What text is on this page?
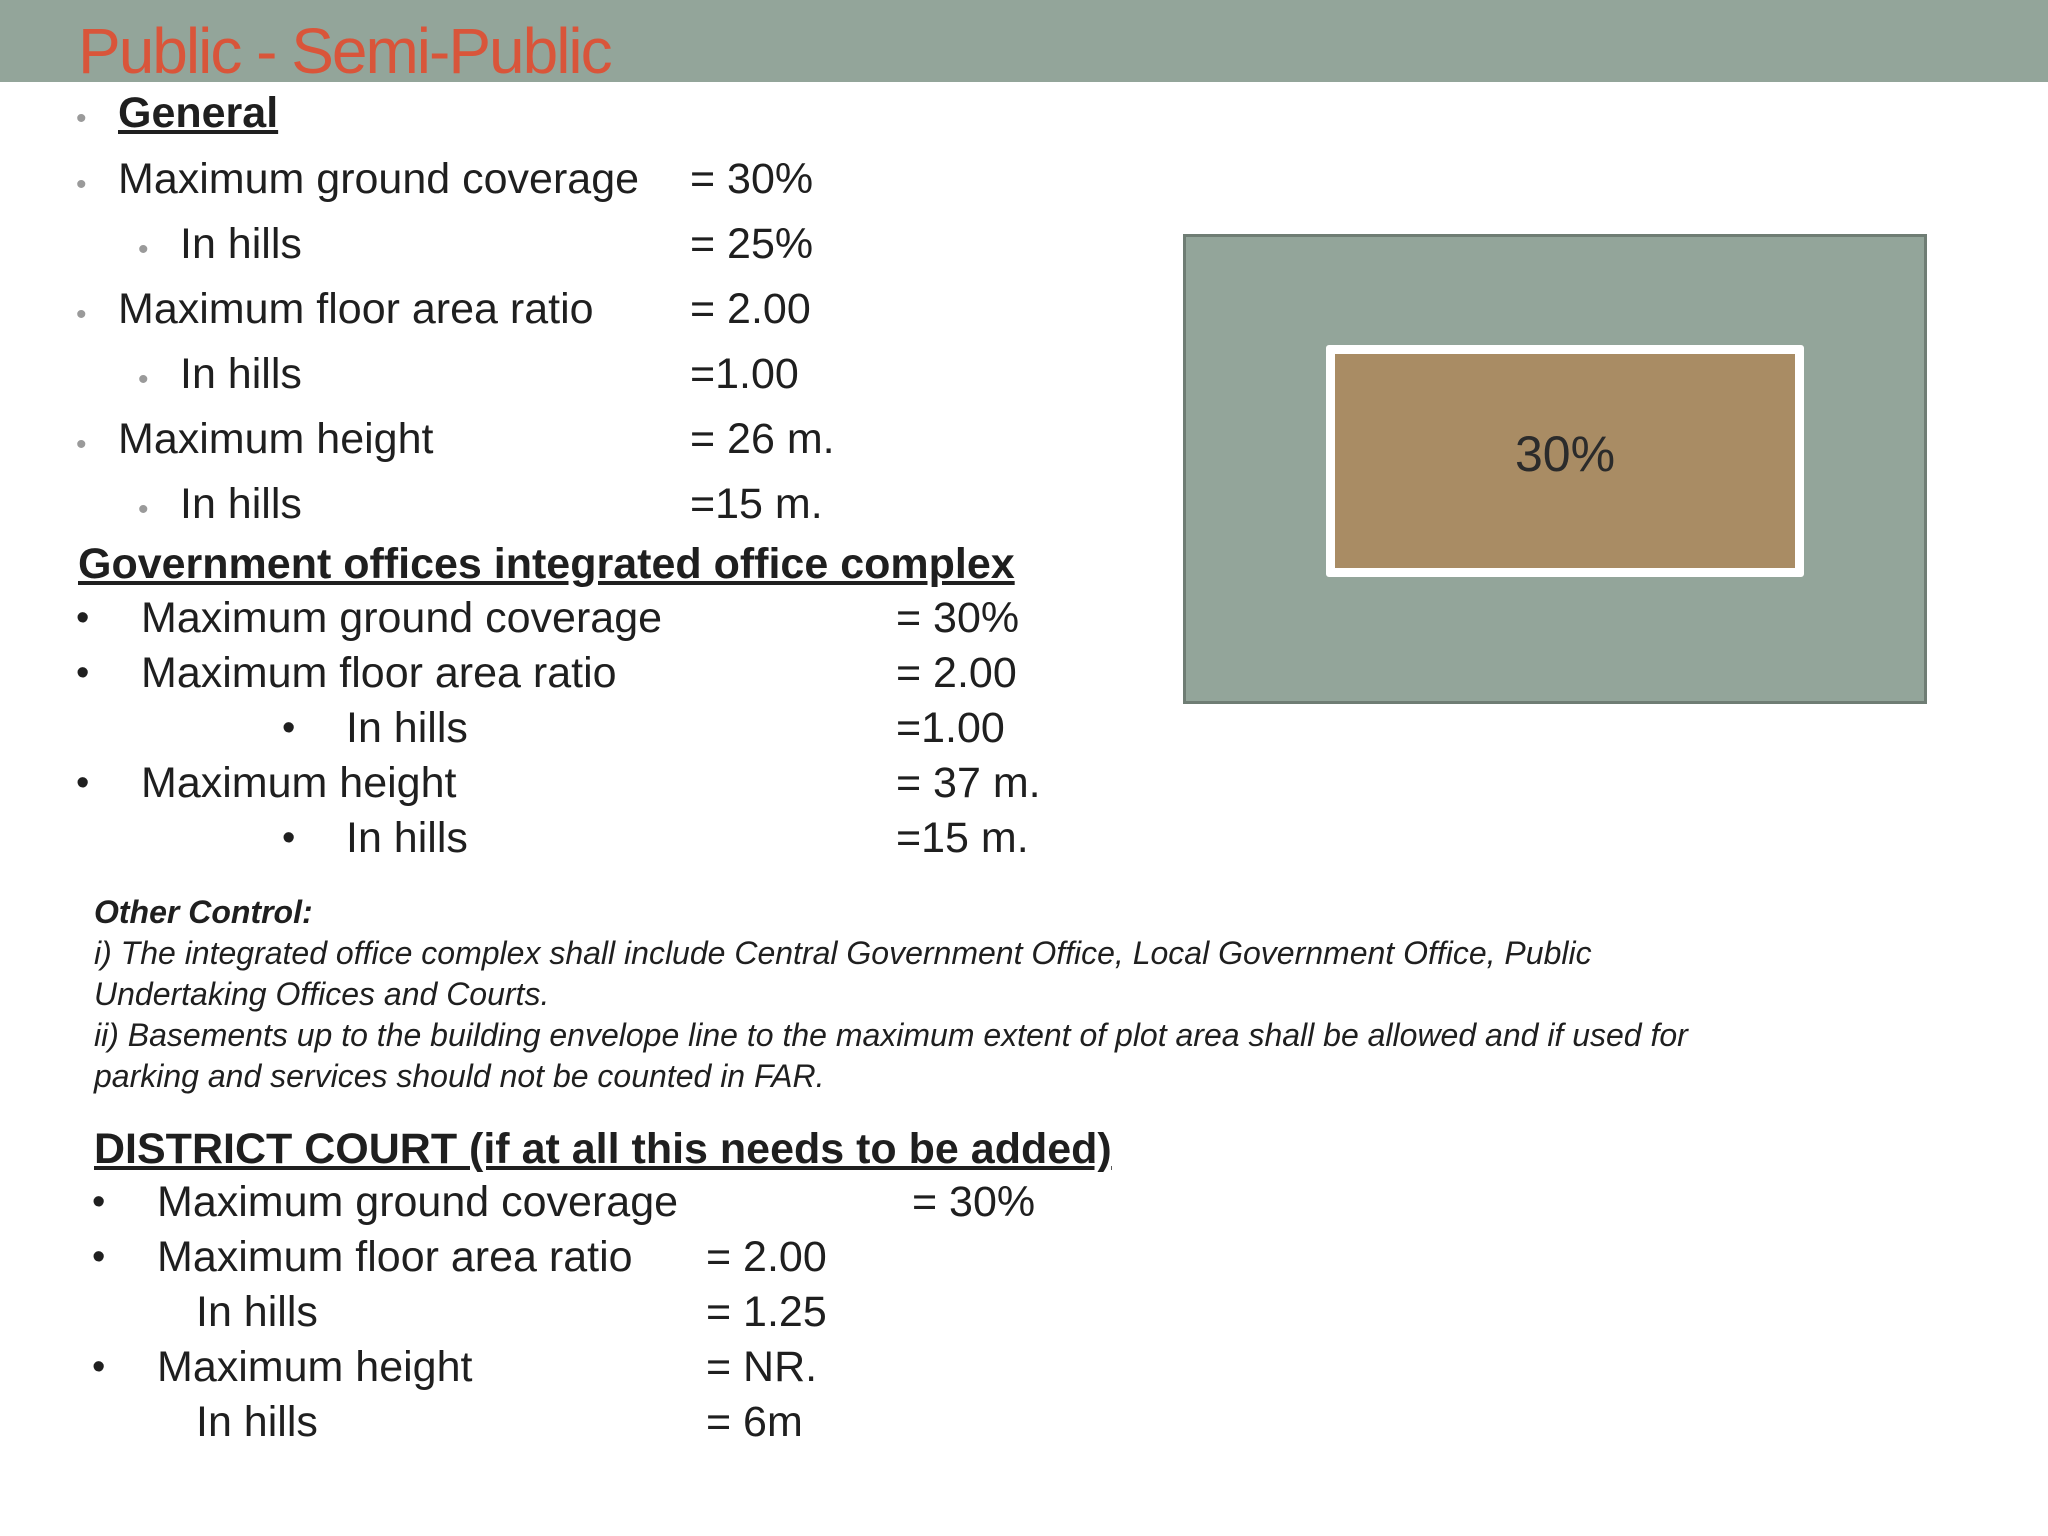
Public - Semi-Public
• General
• Maximum ground coverage = 30%
• In hills	= 25%
• Maximum floor area ratio = 2.00
• In hills	=1.00
• Maximum height	= 26 m.
• In hills	=15 m.
Government offices integrated office complex
• Maximum ground coverage	= 30%
• Maximum floor area ratio	= 2.00
• In hills	=1.00
• Maximum height	= 37 m.
• In hills	=15 m.
Other Control:
i) The integrated office complex shall include Central Government Office, Local Government Office, Public
Undertaking Offices and Courts.
ii) Basements up to the building envelope line to the maximum extent of plot area shall be allowed and if used for
parking and services should not be counted in FAR.
DISTRICT COURT (if at all this needs to be added)
• Maximum ground coverage	= 30%
• Maximum floor area ratio = 2.00
In hills	= 1.25
• Maximum height	= NR.
In hills	= 6m
30%
